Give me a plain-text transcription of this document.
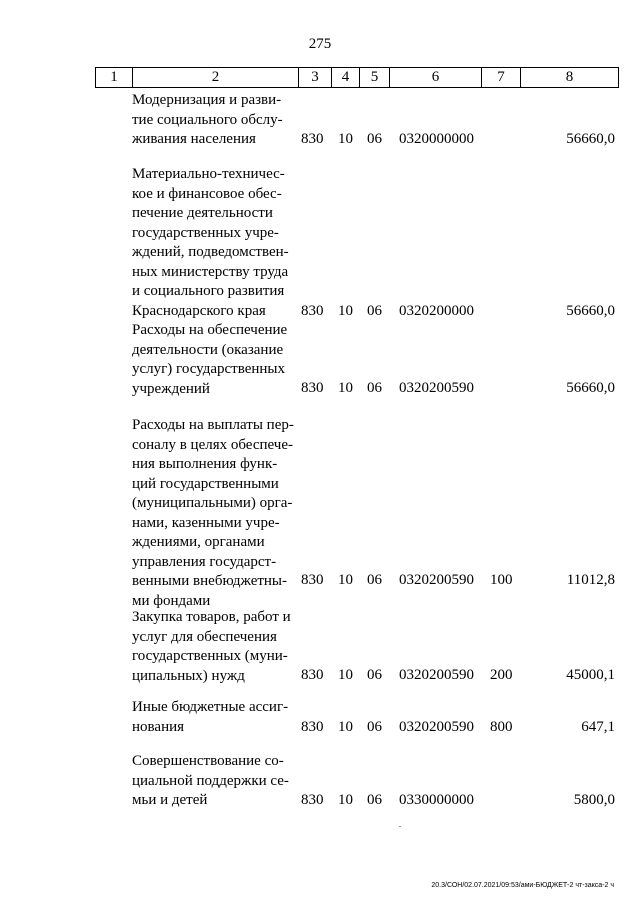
275
1	2	3	4	5	6	7	8
Модернизация и разви-
тие социального обслу-
живания населения	830 10 06 0320000000	56660,0
Материально-техничес-
кое и финансовое обес-
печение деятельности
государственных учре-
ждений, подведомствен-
ных министерству труда
и социального развития
Краснодарского края	830 10 06 0320200000	56660,0
Расходы на обеспечение
деятельности (оказание
услуг) государственных
учреждений	830 10 06 0320200590	56660,0
Расходы на выплаты пер-
соналу в целях обеспече-
ния выполнения функ-
ций государственными
(муниципальными) орга-
нами, казенными учре-
ждениями, органами
управления государст-
венными внебюджетны-
ми фондами
830 10 06 0320200590 100	11012,8
Закупка товаров, работ и
услуг для обеспечения
государственных (муни-
ципальных) нужд	830 10 06 0320200590 200	45000,1
Иные бюджетные ассиг-
нования	830 10 06 0320200590 800	647,1
Совершенствование со-
циальной поддержки се-
мьи и детей	830 10 06 0330000000	5800,0
20.3/СОН/02.07.2021/09:53/ами-БЮДЖЕТ-2 чт-закса-2 ч
